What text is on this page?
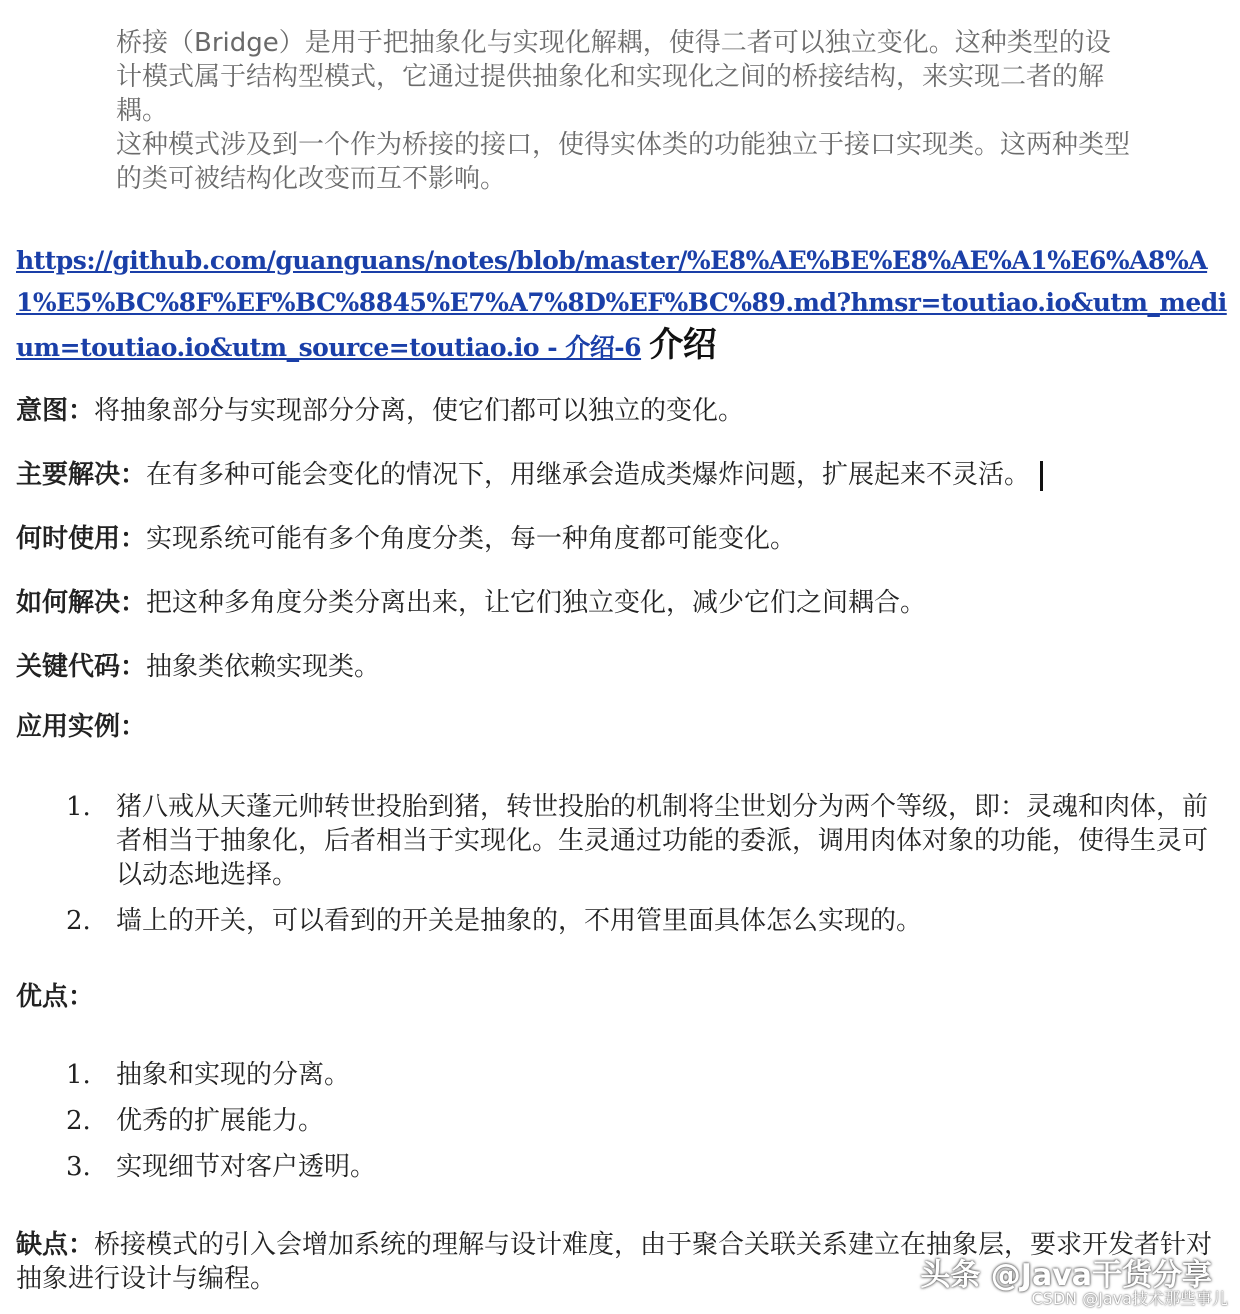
桥接（Bridge）是用于把抽象化与实现化解耦，使得二者可以独立变化。这种类型的设计模式属于结构型模式，它通过提供抽象化和实现化之间的桥接结构，来实现二者的解耦。

这种模式涉及到一个作为桥接的接口，使得实体类的功能独立于接口实现类。这两种类型的类可被结构化改变而互不影响。

https://github.com/guanguans/notes/blob/master/%E8%AE%BE%E8%AE%A1%E6%A8%A1%E5%BC%8F%EF%BC%8845%E7%A7%8D%EF%BC%89.md?hmsr=toutiao.io&utm_medium=toutiao.io&utm_source=toutiao.io - 介绍-6 介绍
意图：将抽象部分与实现部分分离，使它们都可以独立的变化。
主要解决：在有多种可能会变化的情况下，用继承会造成类爆炸问题，扩展起来不灵活。
何时使用：实现系统可能有多个角度分类，每一种角度都可能变化。
如何解决：把这种多角度分类分离出来，让它们独立变化，减少它们之间耦合。
关键代码：抽象类依赖实现类。
应用实例：
1. 猪八戒从天蓬元帅转世投胎到猪，转世投胎的机制将尘世划分为两个等级，即：灵魂和肉体，前者相当于抽象化，后者相当于实现化。生灵通过功能的委派，调用肉体对象的功能，使得生灵可以动态地选择。
2. 墙上的开关，可以看到的开关是抽象的，不用管里面具体怎么实现的。
优点：
1. 抽象和实现的分离。
2. 优秀的扩展能力。
3. 实现细节对客户透明。
缺点：桥接模式的引入会增加系统的理解与设计难度，由于聚合关联关系建立在抽象层，要求开发者针对抽象进行设计与编程。	头条 @Java干货分享
CSDN @Java技术那些事儿
